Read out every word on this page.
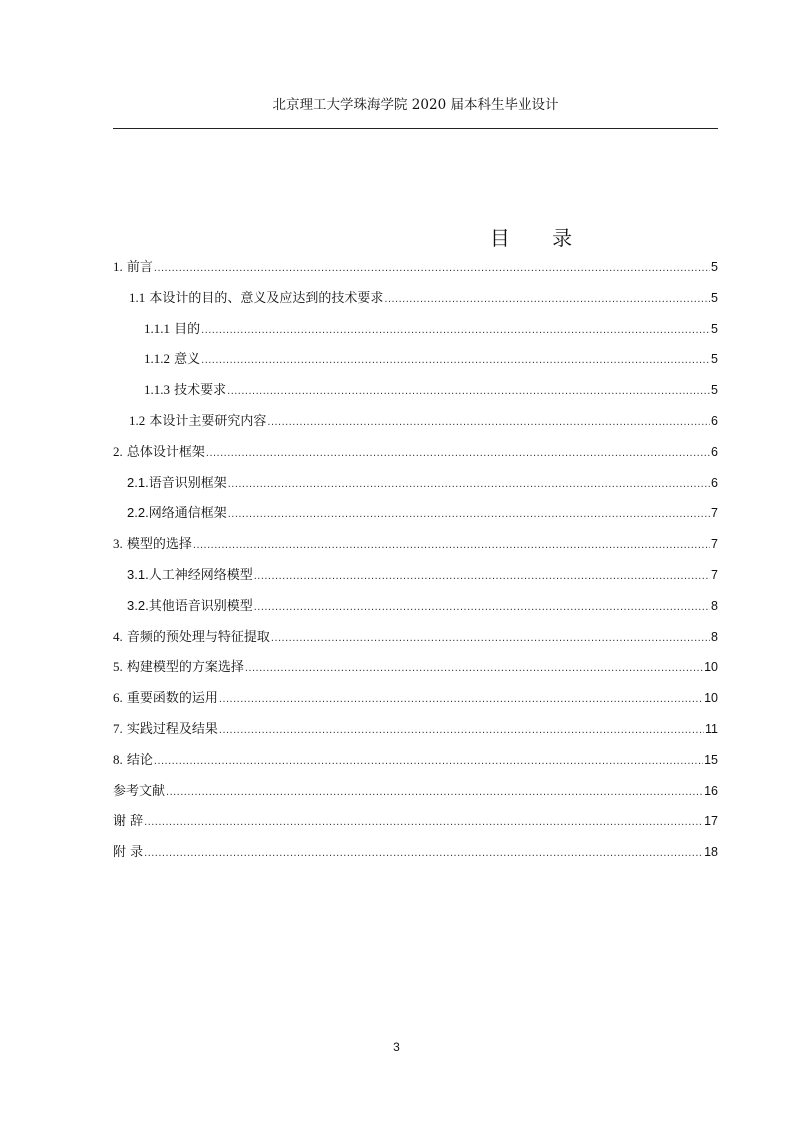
北京理工大学珠海学院 2020 届本科生毕业设计
目 录
1. 前言 .....	5
1.1 本设计的目的、意义及应达到的技术要求 .....	5
1.1.1 目的 .....	5
1.1.2 意义 .....	5
1.1.3 技术要求 .....	5
1.2 本设计主要研究内容 .....	6
2. 总体设计框架 .....	6
2.1.语音识别框架 .....	6
2.2.网络通信框架 .....	7
3. 模型的选择 .....	7
3.1.人工神经网络模型 .....	7
3.2.其他语音识别模型 .....	8
4. 音频的预处理与特征提取 .....	8
5. 构建模型的方案选择 .....	10
6. 重要函数的运用 .....	10
7. 实践过程及结果 .....	11
8. 结论 .....	15
参考文献 .....	16
谢 辞 .....	17
附 录 .....	18
3
